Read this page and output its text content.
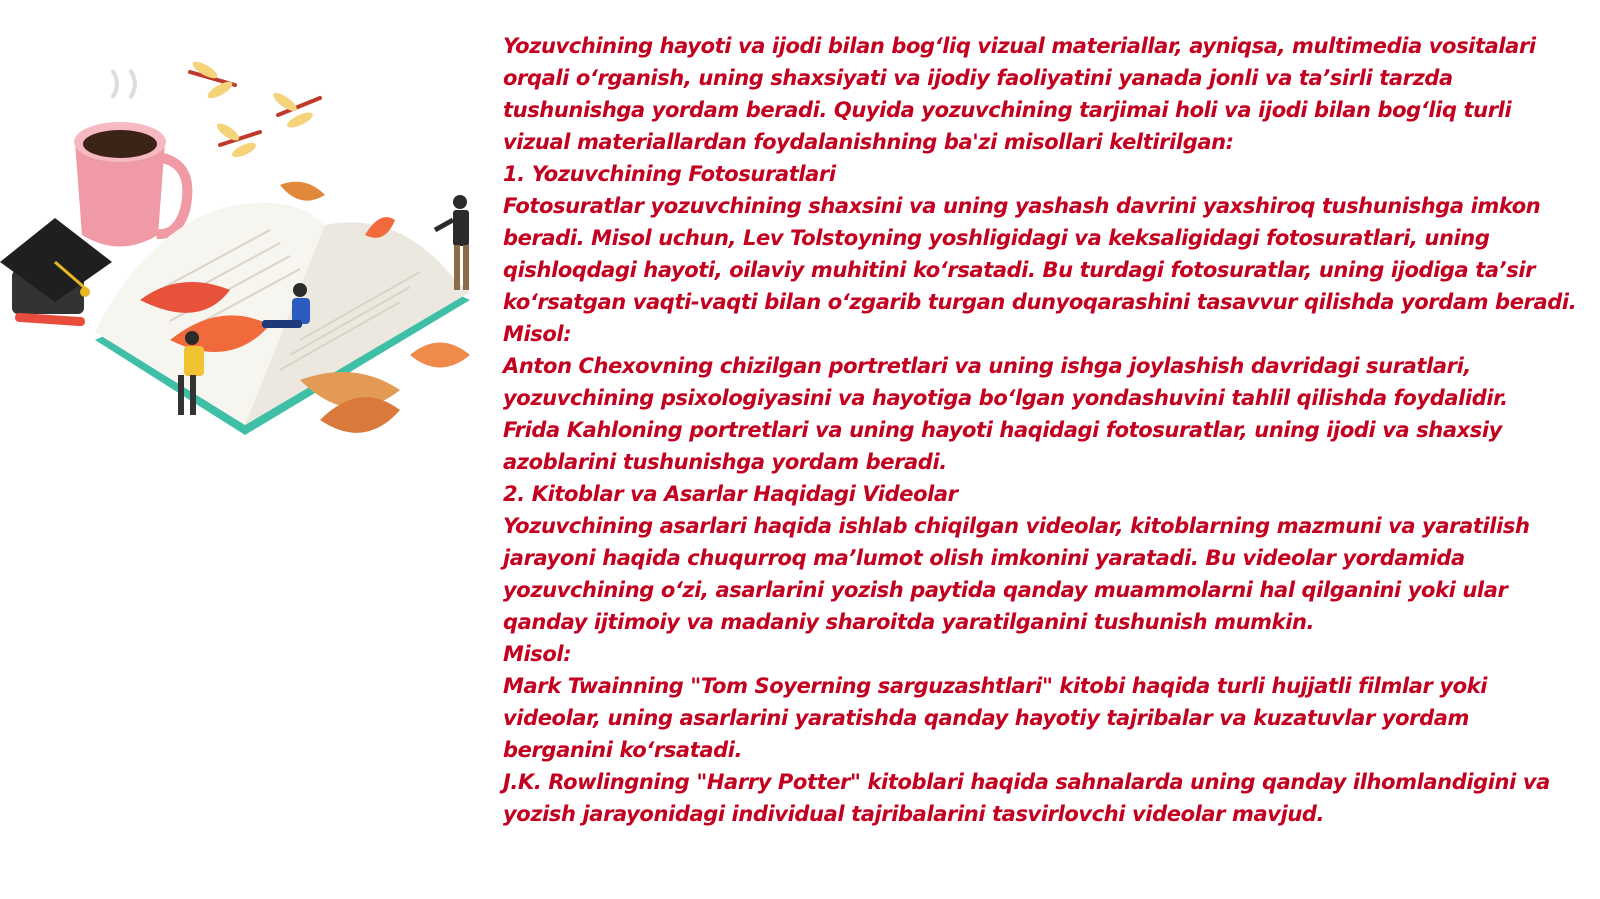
Yozuvchining hayoti va ijodi bilan bogʻliq vizual materiallar, ayniqsa, multimedia vositalari orqali oʻrganish, uning shaxsiyati va ijodiy faoliyatini yanada jonli va taʼsirli tarzda tushunishga yordam beradi. Quyida yozuvchining tarjimai holi va ijodi bilan bogʻliq turli vizual materiallardan foydalanishning ba'zi misollari keltirilgan:

1. Yozuvchining Fotosuratlari

Fotosuratlar yozuvchining shaxsini va uning yashash davrini yaxshiroq tushunishga imkon beradi. Misol uchun, Lev Tolstoyning yoshligidagi va keksaligidagi fotosuratlari, uning qishloqdagi hayoti, oilaviy muhitini koʻrsatadi. Bu turdagi fotosuratlar, uning ijodiga taʼsir koʻrsatgan vaqti-vaqti bilan oʻzgarib turgan dunyoqarashini tasavvur qilishda yordam beradi.

Misol:

Anton Chexovning chizilgan portretlari va uning ishga joylashish davridagi suratlari, yozuvchining psixologiyasini va hayotiga boʻlgan yondashuvini tahlil qilishda foydalidir.

Frida Kahloning portretlari va uning hayoti haqidagi fotosuratlar, uning ijodi va shaxsiy azoblarini tushunishga yordam beradi.

2. Kitoblar va Asarlar Haqidagi Videolar

Yozuvchining asarlari haqida ishlab chiqilgan videolar, kitoblarning mazmuni va yaratilish jarayoni haqida chuqurroq maʼlumot olish imkonini yaratadi. Bu videolar yordamida yozuvchining oʻzi, asarlarini yozish paytida qanday muammolarni hal qilganini yoki ular qanday ijtimoiy va madaniy sharoitda yaratilganini tushunish mumkin.

Misol:

Mark Twainning "Tom Soyerning sarguzashtlari" kitobi haqida turli hujjatli filmlar yoki videolar, uning asarlarini yaratishda qanday hayotiy tajribalar va kuzatuvlar yordam berganini koʻrsatadi.

J.K. Rowlingning "Harry Potter" kitoblari haqida sahnalarda uning qanday ilhomlandigini va yozish jarayonidagi individual tajribalarini tasvirlovchi videolar mavjud.
